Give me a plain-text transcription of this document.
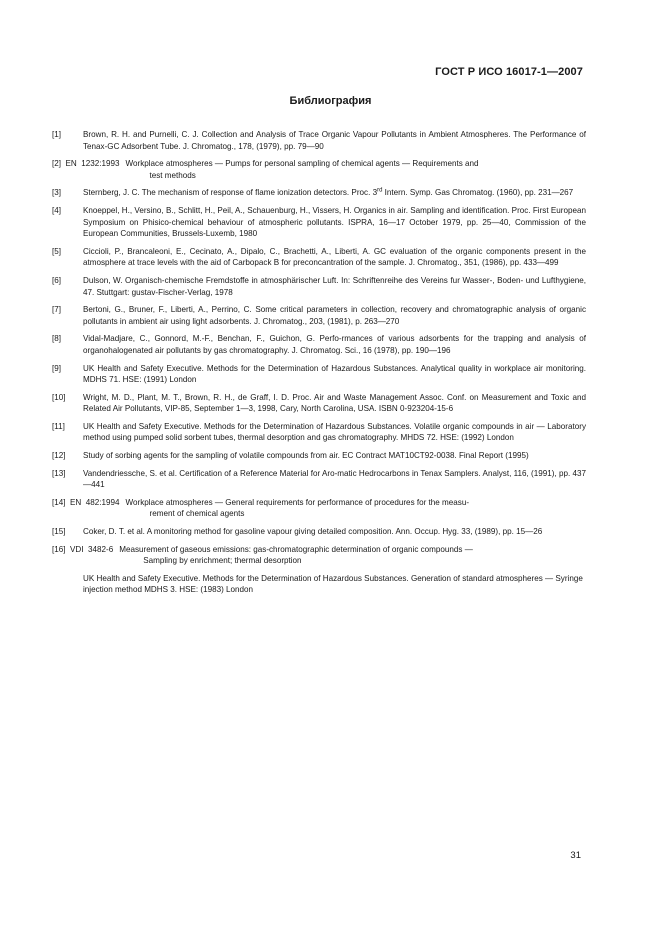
ГОСТ Р ИСО 16017-1—2007
Библиография
[1]	Brown, R. H. and Purnelli, C. J. Collection and Analysis of Trace Organic Vapour Pollutants in Ambient Atmospheres. The Performance of Tenax-GC Adsorbent Tube. J. Chromatog., 178, (1979), pp. 79—90
[2]  EN  1232:1993 Workplace atmospheres — Pumps for personal sampling of chemical agents — Requirements and
test methods
[3]	Sternberg, J. C. The mechanism of response of flame ionization detectors. Proc. 3rd Intern. Symp. Gas Chromatog. (1960), pp. 231—267
[4]	Knoeppel, H., Versino, B., Schlitt, H., Peil, A., Schauenburg, H., Vissers, H. Organics in air. Sampling and identification. Proc. First European Symposium on Phisico-chemical behaviour of atmospheric pollutants. ISPRA, 16—17 October 1979, pp. 25—40, Commission of the European Communities, Brussels-Luxemb, 1980
[5]	Ciccioli, P., Brancaleoni, E., Cecinato, A., Dipalo, C., Brachetti, A., Liberti, A. GC evaluation of the organic components present in the atmosphere at trace levels with the aid of Carbopack B for preconcantration of the sample. J. Chromatog., 351, (1986), pp. 433—499
[6]	Dulson, W. Organisch-chemische Fremdstoffe in atmosphärischer Luft. In: Schriftenreihe des Vereins fur Wasser-, Boden- und Lufthygiene, 47. Stuttgart: gustav-Fischer-Verlag, 1978
[7]	Bertoni, G., Bruner, F., Liberti, A., Perrino, C. Some critical parameters in collection, recovery and chromatographic analysis of organic pollutants in ambient air using light adsorbents. J. Chromatog., 203, (1981), p. 263—270
[8]	Vidal-Madjare, C., Gonnord, M.-F., Benchan, F., Guichon, G. Perfo-rmances of various adsorbents for the trapping and analysis of organohalogenated air pollutants by gas chromatography. J. Chromatog. Sci., 16 (1978), pp. 190—196
[9]	UK Health and Safety Executive. Methods for the Determination of Hazardous Substances. Analytical quality in workplace air monitoring. MDHS 71. HSE: (1991) London
[10]	Wright, M. D., Plant, M. T., Brown, R. H., de Graff, I. D. Proc. Air and Waste Management Assoc. Conf. on Measurement and Toxic and Related Air Pollutants, VIP-85, September 1—3, 1998, Cary, North Carolina, USA. ISBN 0-923204-15-6
[11]	UK Health and Safety Executive. Methods for the Determination of Hazardous Substances. Volatile organic compounds in air — Laboratory method using pumped solid sorbent tubes, thermal desorption and gas chromatography. MHDS 72. HSE: (1992) London
[12]	Study of sorbing agents for the sampling of volatile compounds from air. EC Contract MAT10CT92-0038. Final Report (1995)
[13]	Vandendriessche, S. et al. Certification of a Reference Material for Aro-matic Hedrocarbons in Tenax Samplers. Analyst, 116, (1991), pp. 437—441
[14]  EN  482:1994 Workplace atmospheres — General requirements for performance of procedures for the measu-
rement of chemical agents
[15]	Coker, D. T. et al. A monitoring method for gasoline vapour giving detailed composition. Ann. Occup. Hyg. 33, (1989), pp. 15—26
[16]  VDI  3482-6 Measurement of gaseous emissions: gas-chromatographic determination of organic compounds —
Sampling by enrichment; thermal desorption
UK Health and Safety Executive. Methods for the Determination of Hazardous Substances. Generation of standard atmospheres — Syringe injection method MDHS 3. HSE: (1983) London
31
